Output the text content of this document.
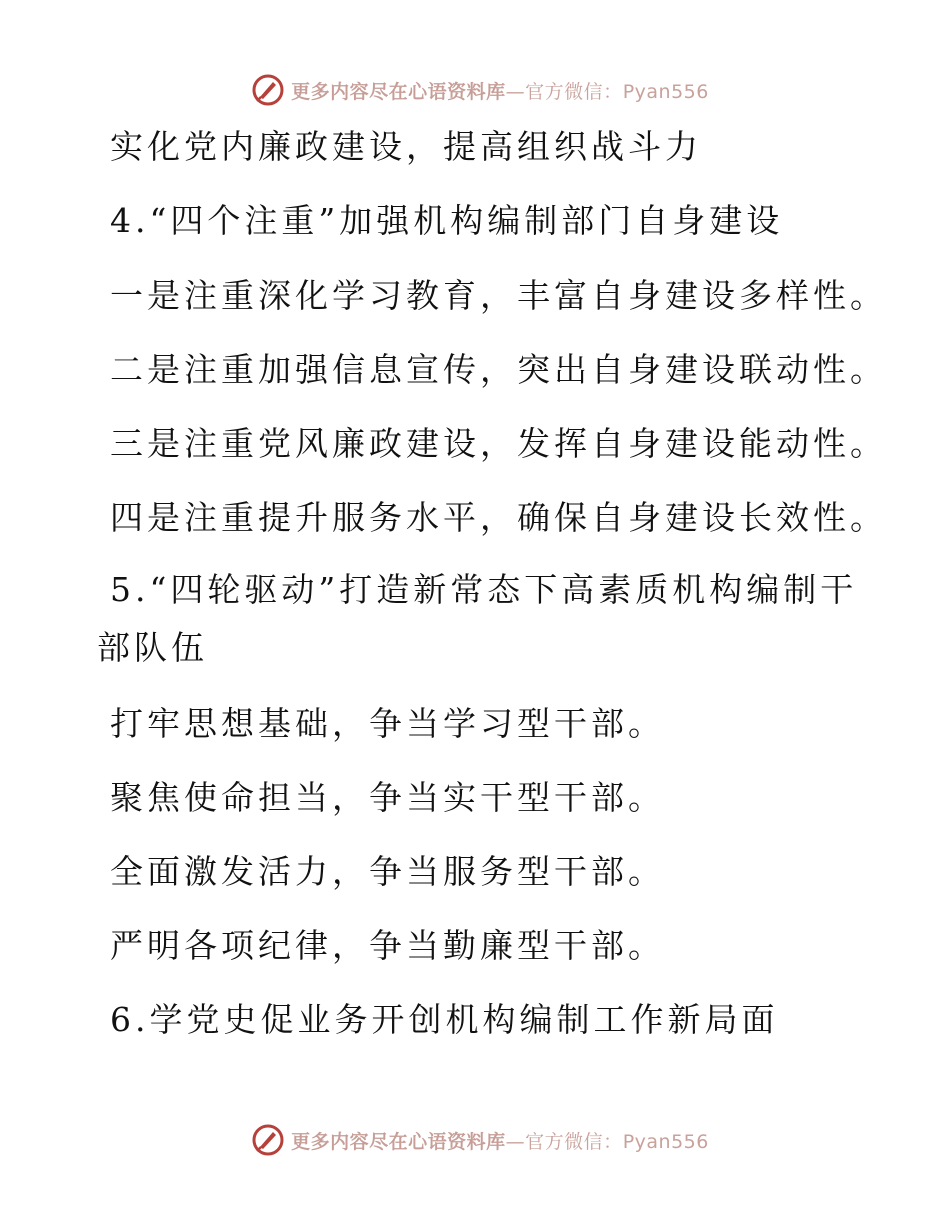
更多内容尽在心语资料库—官方微信：Pyan556
实化党内廉政建设，提高组织战斗力
4.“四个注重”加强机构编制部门自身建设
一是注重深化学习教育，丰富自身建设多样性。
二是注重加强信息宣传，突出自身建设联动性。
三是注重党风廉政建设，发挥自身建设能动性。
四是注重提升服务水平，确保自身建设长效性。
5.“四轮驱动”打造新常态下高素质机构编制干
部队伍
打牢思想基础，争当学习型干部。
聚焦使命担当，争当实干型干部。
全面激发活力，争当服务型干部。
严明各项纪律，争当勤廉型干部。
6.学党史促业务开创机构编制工作新局面
更多内容尽在心语资料库—官方微信：Pyan556
